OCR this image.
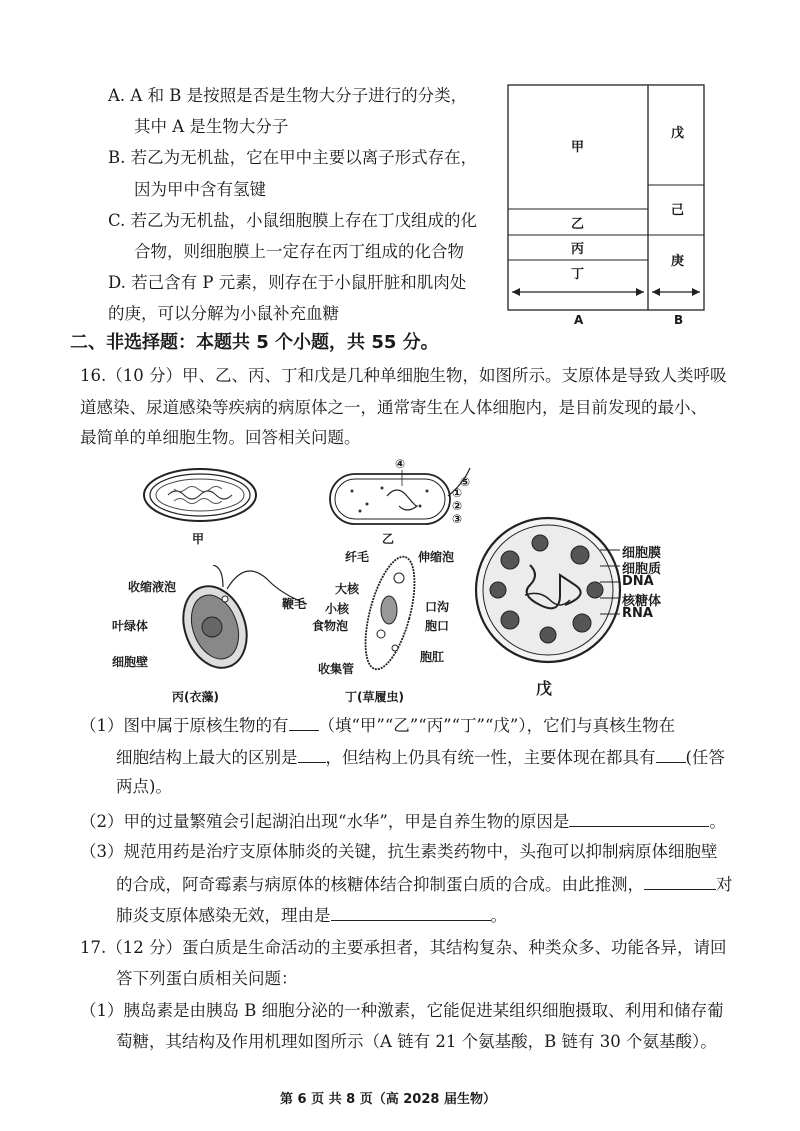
A. A 和 B 是按照是否是生物大分子进行的分类，
其中 A 是生物大分子
B. 若乙为无机盐，它在甲中主要以离子形式存在，
因为甲中含有氢键
C. 若乙为无机盐，小鼠细胞膜上存在丁戊组成的化
合物，则细胞膜上一定存在丙丁组成的化合物
D. 若己含有 P 元素，则存在于小鼠肝脏和肌肉处
的庚，可以分解为小鼠补充血糖
甲
戊
乙
己
丙
庚
丁
A	B
二、非选择题：本题共 5 个小题，共 55 分。
16.（10 分）甲、乙、丙、丁和戊是几种单细胞生物，如图所示。支原体是导致人类呼吸
道感染、尿道感染等疾病的病原体之一，通常寄生在人体细胞内，是目前发现的最小、
最简单的单细胞生物。回答相关问题。
甲
④
⑤
①
②
③
乙
收缩液泡
鞭毛
叶绿体
细胞壁
丙(衣藻)
纤毛	伸缩泡
大核
小核
食物泡
口沟
胞口
收集管
胞肛
丁(草履虫)
细胞膜
细胞质
DNA
核糖体
RNA
戊
（1）图中属于原核生物的有 （填“甲”“乙”“丙”“丁”“戊”），它们与真核生物在
细胞结构上最大的区别是 ，但结构上仍具有统一性，主要体现在都具有 (任答
两点)。
（2）甲的过量繁殖会引起湖泊出现“水华”，甲是自养生物的原因是	。
（3）规范用药是治疗支原体肺炎的关键，抗生素类药物中，头孢可以抑制病原体细胞壁
的合成，阿奇霉素与病原体的核糖体结合抑制蛋白质的合成。由此推测，	对
肺炎支原体感染无效，理由是	。
17.（12 分）蛋白质是生命活动的主要承担者，其结构复杂、种类众多、功能各异，请回
答下列蛋白质相关问题：
（1）胰岛素是由胰岛 B 细胞分泌的一种激素，它能促进某组织细胞摄取、利用和储存葡
萄糖，其结构及作用机理如图所示（A 链有 21 个氨基酸，B 链有 30 个氨基酸）。
第 6 页 共 8 页（高 2028 届生物）
